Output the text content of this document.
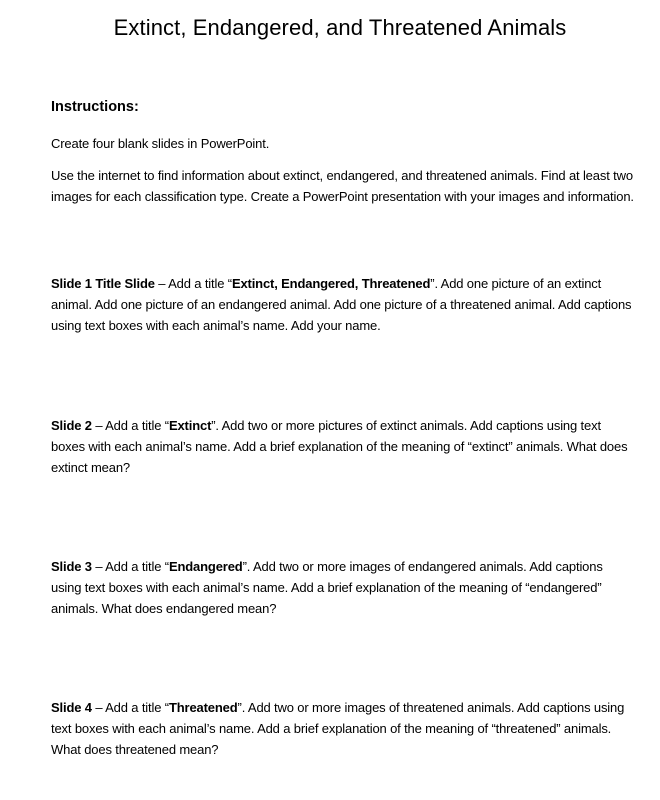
Extinct, Endangered, and Threatened Animals
Instructions:
Create four blank slides in PowerPoint.
Use the internet to find information about extinct, endangered, and threatened animals. Find at least two images for each classification type. Create a PowerPoint presentation with your images and information.
Slide 1 Title Slide – Add a title “Extinct, Endangered, Threatened”. Add one picture of an extinct animal. Add one picture of an endangered animal. Add one picture of a threatened animal. Add captions using text boxes with each animal’s name. Add your name.
Slide 2 – Add a title “Extinct”. Add two or more pictures of extinct animals. Add captions using text boxes with each animal’s name. Add a brief explanation of the meaning of “extinct” animals. What does extinct mean?
Slide 3 – Add a title “Endangered”. Add two or more images of endangered animals. Add captions using text boxes with each animal’s name. Add a brief explanation of the meaning of “endangered” animals. What does endangered mean?
Slide 4 – Add a title “Threatened”. Add two or more images of threatened animals. Add captions using text boxes with each animal’s name. Add a brief explanation of the meaning of “threatened” animals. What does threatened mean?
